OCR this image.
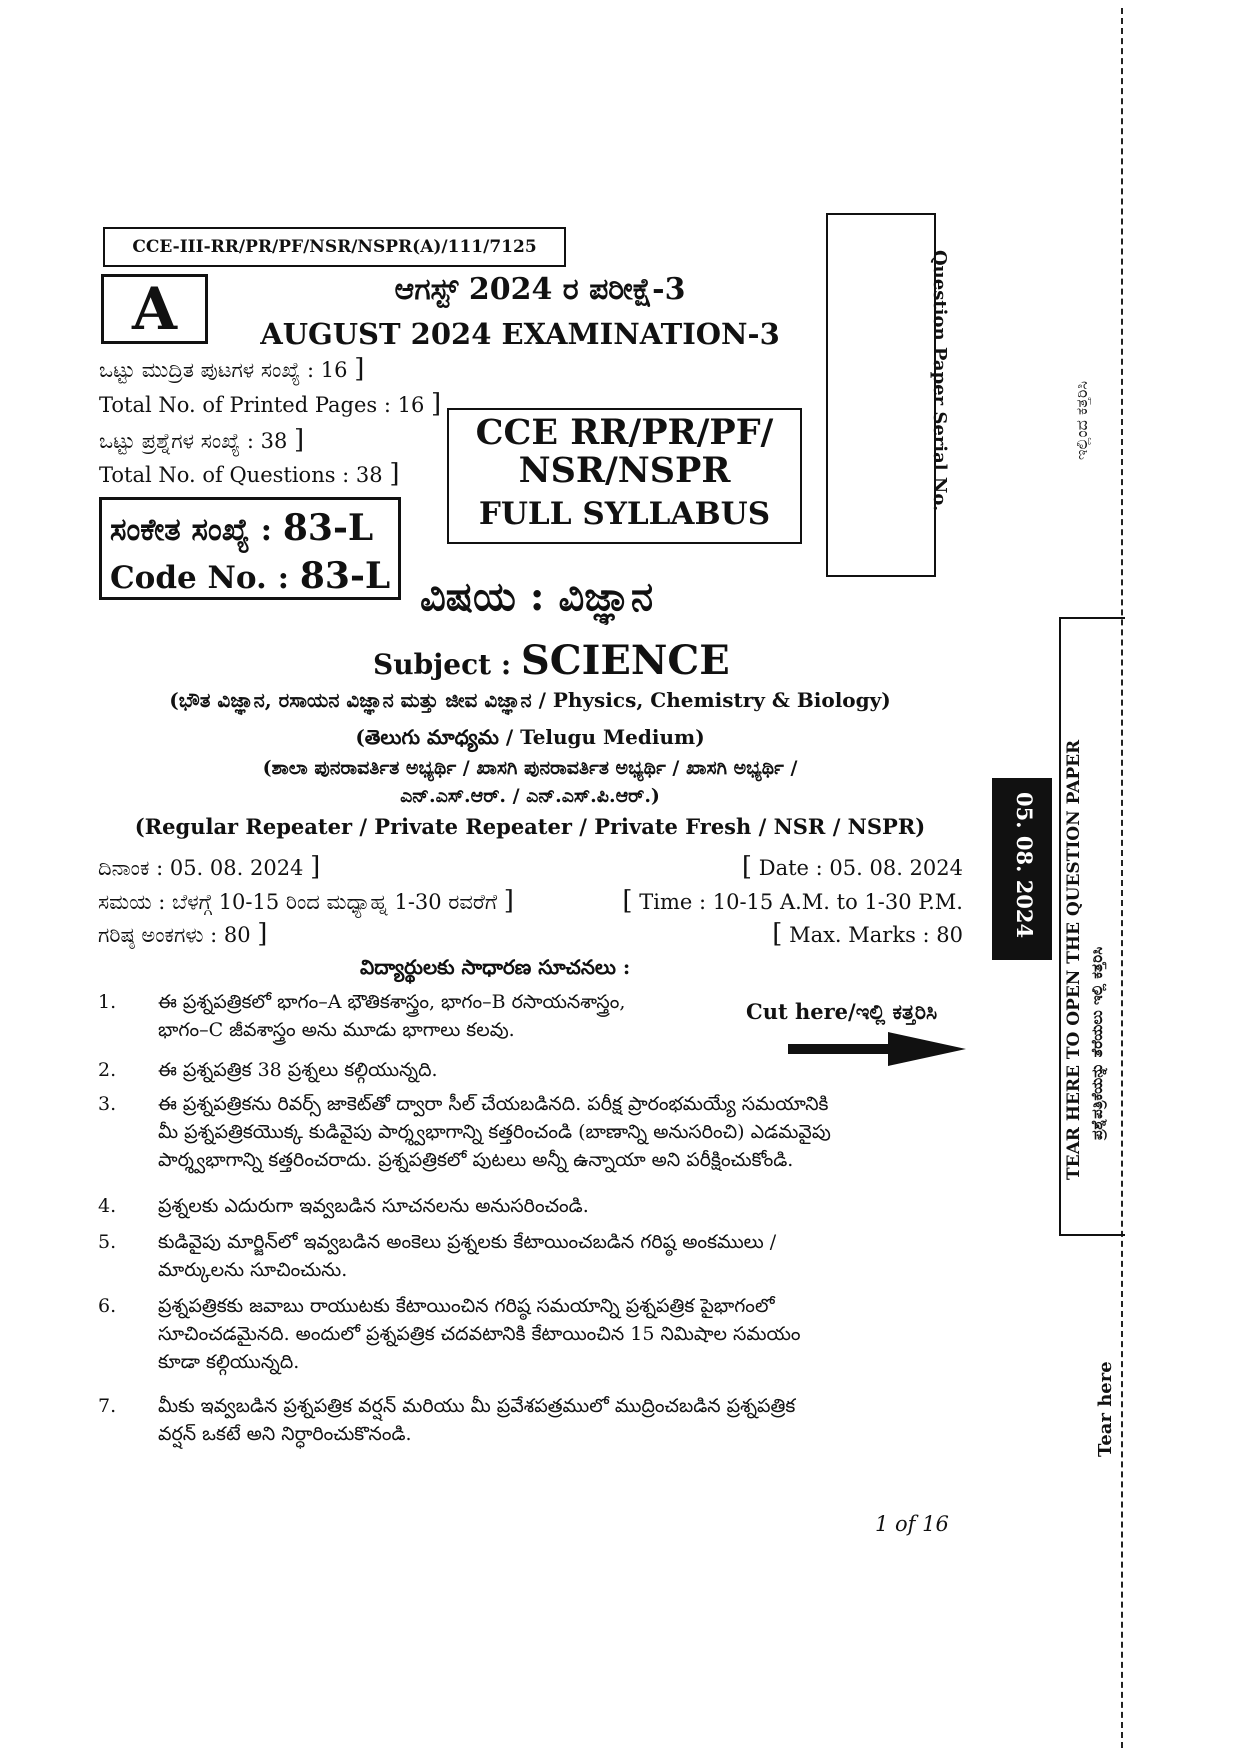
CCE-III-RR/PR/PF/NSR/NSPR(A)/111/7125
A	ಆಗಸ್ಟ್ 2024 ರ ಪರೀಕ್ಷೆ-3
AUGUST 2024 EXAMINATION-3
ಒಟ್ಟು ಮುದ್ರಿತ ಪುಟಗಳ ಸಂಖ್ಯೆ : 16 ]
Total No. of Printed Pages : 16 ]
ಒಟ್ಟು ಪ್ರಶ್ನೆಗಳ ಸಂಖ್ಯೆ : 38 ]
Total No. of Questions : 38 ]
ಸಂಕೇತ ಸಂಖ್ಯೆ : 83-L
Code No. : 83-L
CCE RR/PR/PF/
NSR/NSPR
FULL SYLLABUS
Question Paper Serial No.
ವಿಷಯ : ವಿಜ್ಞಾನ
Subject : SCIENCE
(ಭೌತ ವಿಜ್ಞಾನ, ರಸಾಯನ ವಿಜ್ಞಾನ ಮತ್ತು ಜೀವ ವಿಜ್ಞಾನ / Physics, Chemistry & Biology)
(తెలుగు మాధ్యమ / Telugu Medium)
(ಶಾಲಾ ಪುನರಾವರ್ತಿತ ಅಭ್ಯರ್ಥಿ / ಖಾಸಗಿ ಪುನರಾವರ್ತಿತ ಅಭ್ಯರ್ಥಿ / ಖಾಸಗಿ ಅಭ್ಯರ್ಥಿ /
ಎನ್.ಎಸ್.ಆರ್. / ಎನ್.ಎಸ್.ಪಿ.ಆರ್.)
(Regular Repeater / Private Repeater / Private Fresh / NSR / NSPR)
ದಿನಾಂಕ : 05. 08. 2024 ]	[ Date : 05. 08. 2024
ಸಮಯ : ಬೆಳಗ್ಗೆ 10-15 ರಿಂದ ಮಧ್ಯಾಹ್ನ 1-30 ರವರೆಗೆ ]	[ Time : 10-15 A.M. to 1-30 P.M.
ಗರಿಷ್ಠ ಅಂಕಗಳು : 80 ]	[ Max. Marks : 80
విద్యార్థులకు సాధారణ సూచనలు :
1.	ఈ ప్రశ్నపత్రికలో భాగం–A భౌతికశాస్త్రం, భాగం–B రసాయనశాస్త్రం,
భాగం–C జీవశాస్త్రం అను మూడు భాగాలు కలవు.
2.	ఈ ప్రశ్నపత్రిక 38 ప్రశ్నలు కల్గియున్నది.
3.	ఈ ప్రశ్నపత్రికను రివర్స్ జాకెట్‌తో ద్వారా సీల్ చేయబడినది. పరీక్ష ప్రారంభమయ్యే సమయానికి
మీ ప్రశ్నపత్రికయొక్క కుడివైపు పార్శ్వభాగాన్ని కత్తరించండి (బాణాన్ని అనుసరించి) ఎడమవైపు
పార్శ్వభాగాన్ని కత్తరించరాదు. ప్రశ్నపత్రికలో పుటలు అన్నీ ఉన్నాయా అని పరీక్షించుకోండి.
4.	ప్రశ్నలకు ఎదురుగా ఇవ్వబడిన సూచనలను అనుసరించండి.
5.	కుడివైపు మార్జిన్‌లో ఇవ్వబడిన అంకెలు ప్రశ్నలకు కేటాయించబడిన గరిష్ఠ అంకములు /
మార్కులను సూచించును.
6.	ప్రశ్నపత్రికకు జవాబు రాయుటకు కేటాయించిన గరిష్ఠ సమయాన్ని ప్రశ్నపత్రిక పైభాగంలో
సూచించడమైనది. అందులో ప్రశ్నపత్రిక చదవటానికి కేటాయించిన 15 నిమిషాల సమయం
కూడా కల్గియున్నది.
7.	మీకు ఇవ్వబడిన ప్రశ్నపత్రిక వర్షన్ మరియు మీ ప్రవేశపత్రములో ముద్రించబడిన ప్రశ్నపత్రిక
వర్షన్ ఒకటే అని నిర్ధారించుకొనండి.
Cut here/ಇಲ್ಲಿ ಕತ್ತರಿಸಿ
ಇಲ್ಲಿಂದ ಕತ್ತರಿಸಿ
TEAR HERE TO OPEN THE QUESTION PAPER ಪ್ರಶ್ನೆಪತ್ರಿಕೆಯನ್ನು ತೆರೆಯಲು ಇಲ್ಲಿ ಕತ್ತರಿಸಿ
05. 08. 2024
Tear here
1 of 16
